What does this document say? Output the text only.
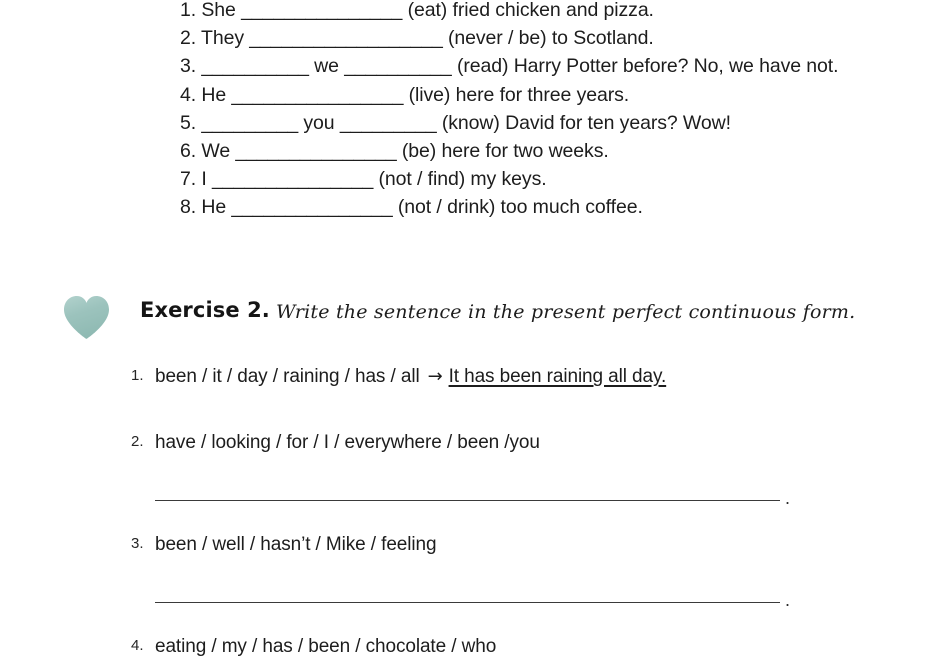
1. She _______________ (eat) fried chicken and pizza.
2. They __________________ (never / be) to Scotland.
3. __________ we __________ (read) Harry Potter before? No, we have not.
4. He ________________ (live) here for three years.
5. _________ you _________ (know) David for ten years? Wow!
6. We _______________ (be) here for two weeks.
7. I _______________ (not / find) my keys.
8. He _______________ (not / drink) too much coffee.
Exercise 2. Write the sentence in the present perfect continuous form.
1. been / it / day / raining / has / all → It has been raining all day.
2. have / looking / for / I / everywhere / been /you
.
3. been / well / hasn’t / Mike / feeling
.
4. eating / my / has / been / chocolate / who
